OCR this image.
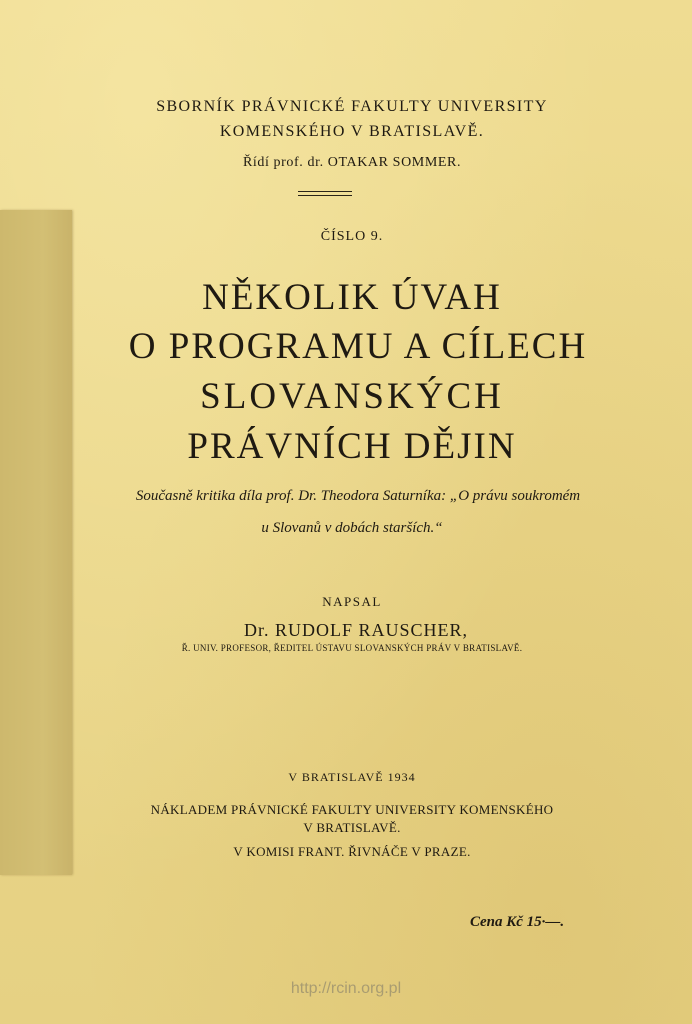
SBORNÍK PRÁVNICKÉ FAKULTY UNIVERSITY
KOMENSKÉHO V BRATISLAVĚ.
Řídí prof. dr. OTAKAR SOMMER.
ČÍSLO 9.
NĚKOLIK ÚVAH
O PROGRAMU A CÍLECH
SLOVANSKÝCH
PRÁVNÍCH DĚJIN
Současně kritika díla prof. Dr. Theodora Saturníka: „O právu soukromém
u Slovanů v dobách starších.“
NAPSAL
Dr. RUDOLF RAUSCHER,
Ř. UNIV. PROFESOR, ŘEDITEL ÚSTAVU SLOVANSKÝCH PRÁV V BRATISLAVĚ.
V BRATISLAVĚ 1934
NÁKLADEM PRÁVNICKÉ FAKULTY UNIVERSITY KOMENSKÉHO
V BRATISLAVĚ.
V KOMISI FRANT. ŘIVNÁČE V PRAZE.
Cena Kč 15·—.
http://rcin.org.pl
